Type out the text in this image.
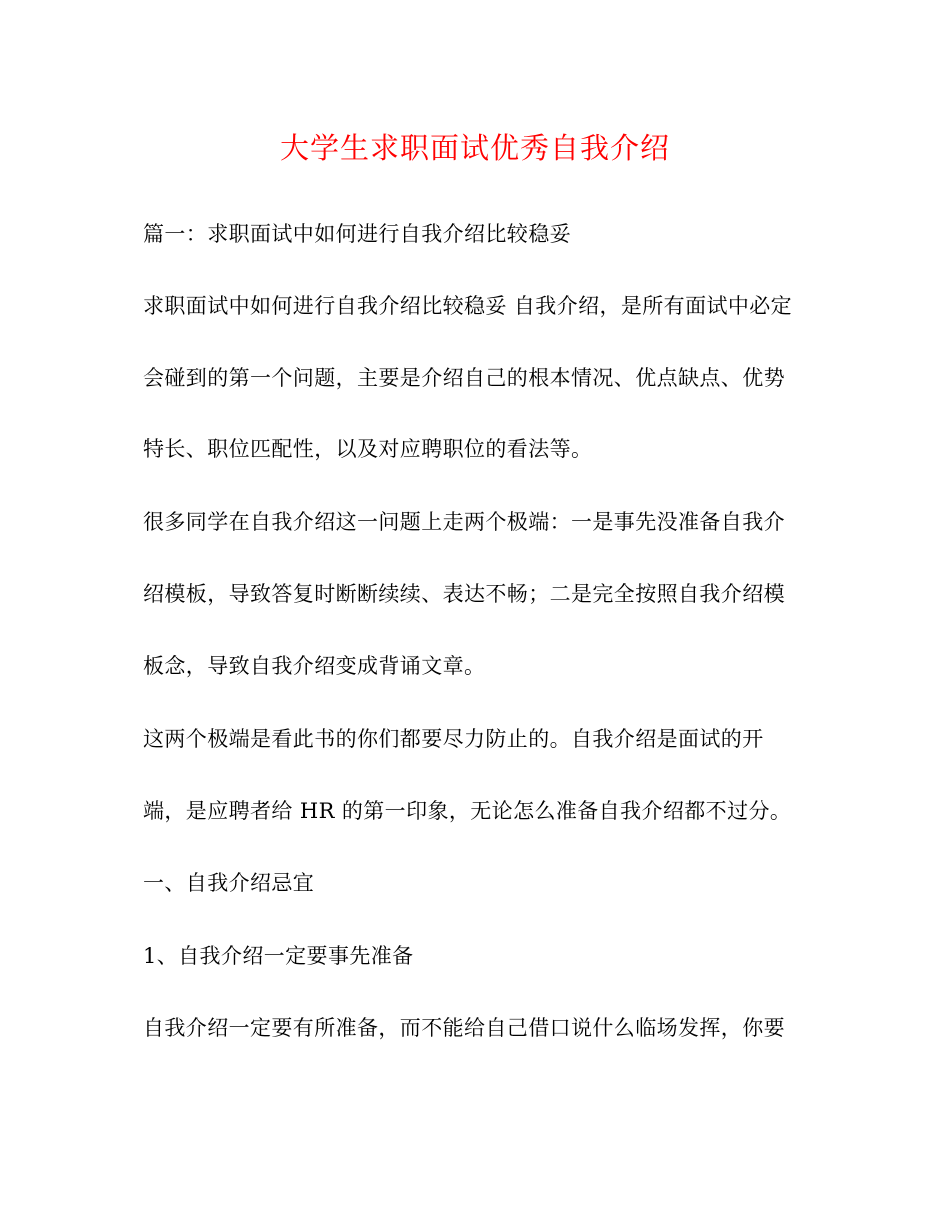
大学生求职面试优秀自我介绍
篇一：求职面试中如何进行自我介绍比较稳妥
求职面试中如何进行自我介绍比较稳妥 自我介绍，是所有面试中必定
会碰到的第一个问题，主要是介绍自己的根本情况、优点缺点、优势
特长、职位匹配性，以及对应聘职位的看法等。
很多同学在自我介绍这一问题上走两个极端：一是事先没准备自我介
绍模板，导致答复时断断续续、表达不畅；二是完全按照自我介绍模
板念，导致自我介绍变成背诵文章。
这两个极端是看此书的你们都要尽力防止的。自我介绍是面试的开
端，是应聘者给 HR 的第一印象，无论怎么准备自我介绍都不过分。
一、自我介绍忌宜
1、自我介绍一定要事先准备
自我介绍一定要有所准备，而不能给自己借口说什么临场发挥，你要
